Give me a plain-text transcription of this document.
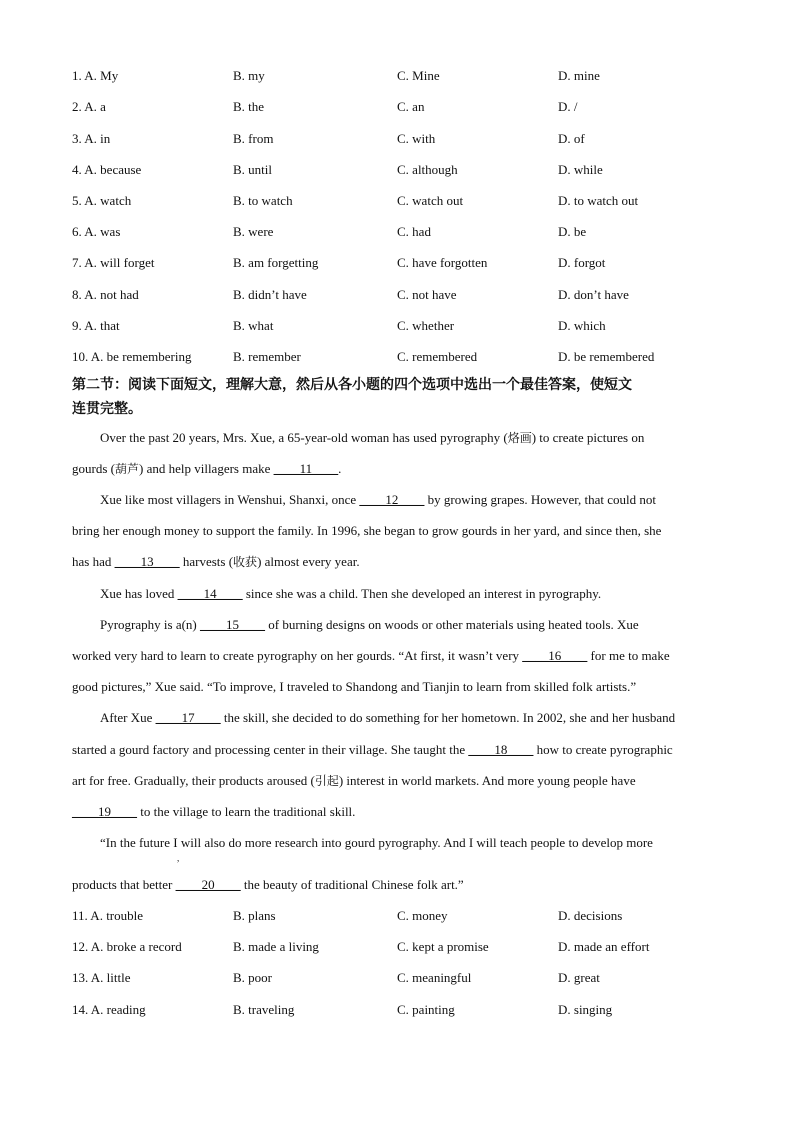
1. A. My	B. my	C. Mine	D. mine
2. A. a	B. the	C. an	D. /
3. A. in	B. from	C. with	D. of
4. A. because	B. until	C. although	D. while
5. A. watch	B. to watch	C. watch out	D. to watch out
6. A. was	B. were	C. had	D. be
7. A. will forget	B. am forgetting	C. have forgotten	D. forgot
8. A. not had	B. didn’t have	C. not have	D. don’t have
9. A. that	B. what	C. whether	D. which
10. A. be remembering	B. remember	C. remembered	D. be remembered
第二节：阅读下面短文，理解大意，然后从各小题的四个选项中选出一个最佳答案，使短文
连贯完整。
Over the past 20 years, Mrs. Xue, a 65-year-old woman has used pyrography (烙画) to create pictures on
gourds (葫芦) and help villagers make ____11____.
Xue like most villagers in Wenshui, Shanxi, once ____12____ by growing grapes. However, that could not
bring her enough money to support the family. In 1996, she began to grow gourds in her yard, and since then, she
has had ____13____ harvests (收获) almost every year.
Xue has loved ____14____ since she was a child. Then she developed an interest in pyrography.
Pyrography is a(n) ____15____ of burning designs on woods or other materials using heated tools. Xue
worked very hard to learn to create pyrography on her gourds. “At first, it wasn’t very ____16____ for me to make
good pictures,” Xue said. “To improve, I traveled to Shandong and Tianjin to learn from skilled folk artists.”
After Xue ____17____ the skill, she decided to do something for her hometown. In 2002, she and her husband
started a gourd factory and processing center in their village. She taught the ____18____ how to create pyrographic
art for free. Gradually, their products aroused (引起) interest in world markets. And more young people have
____19____ to the village to learn the traditional skill.
“In the future I will also do more research into gourd pyrography. And I will teach people to develop more
,
products that better ____20____ the beauty of traditional Chinese folk art.”
11. A. trouble	B. plans	C. money	D. decisions
12. A. broke a record	B. made a living	C. kept a promise	D. made an effort
13. A. little	B. poor	C. meaningful	D. great
14. A. reading	B. traveling	C. painting	D. singing
